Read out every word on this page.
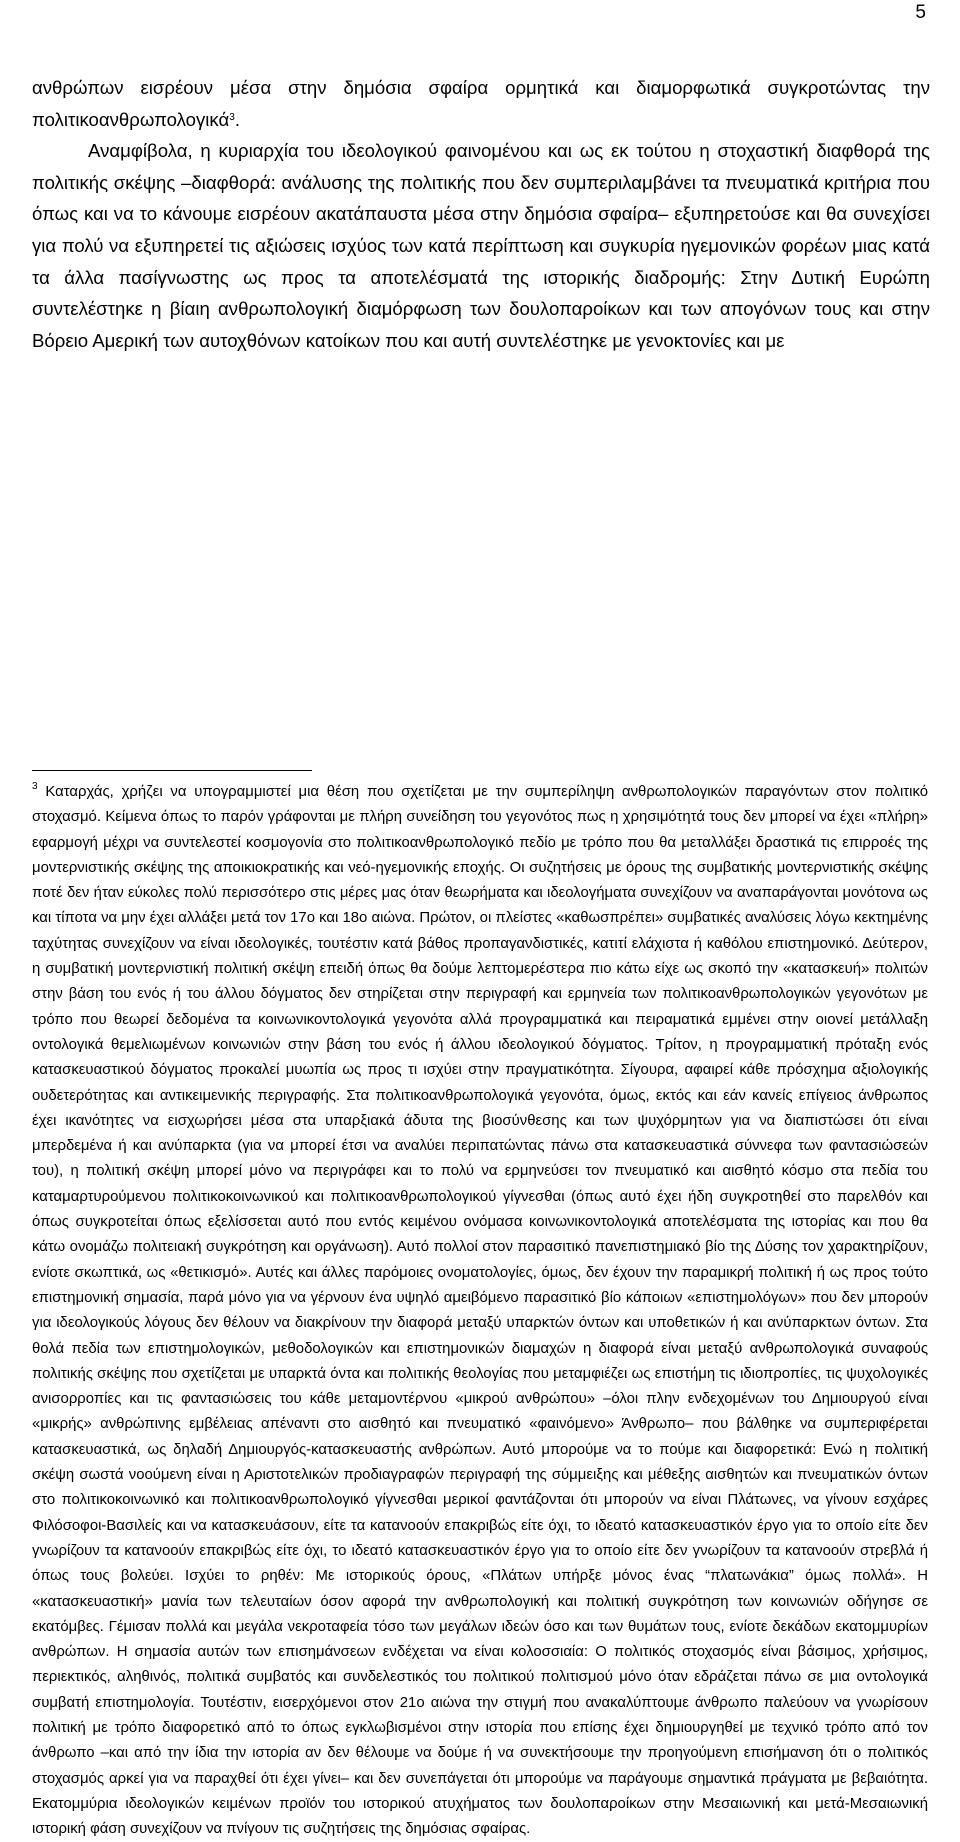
5

ανθρώπων εισρέουν μέσα στην δημόσια σφαίρα ορμητικά και διαμορφωτικά συγκροτώντας την πολιτικοανθρωπολογικά$^3$.

Αναμφίβολα, η κυριαρχία του ιδεολογικού φαινομένου και ως εκ τούτου η στοχαστική διαφθορά της πολιτικής σκέψης –διαφθορά: ανάλυσης της πολιτικής που δεν συμπεριλαμβάνει τα πνευματικά κριτήρια που όπως και να το κάνουμε εισρέουν ακατάπαυστα μέσα στην δημόσια σφαίρα– εξυπηρετούσε και θα συνεχίσει για πολύ να εξυπηρετεί τις αξιώσεις ισχύος των κατά περίπτωση και συγκυρία ηγεμονικών φορέων μιας κατά τα άλλα πασίγνωστης ως προς τα αποτελέσματά της ιστορικής διαδρομής: Στην Δυτική Ευρώπη συντελέστηκε η βίαιη ανθρωπολογική διαμόρφωση των δουλοπαροίκων και των απογόνων τους και στην Βόρειο Αμερική των αυτοχθόνων κατοίκων που και αυτή συντελέστηκε με γενοκτονίες και με

$^3$ Καταρχάς, χρήζει να υπογραμμιστεί μια θέση που σχετίζεται με την συμπερίληψη ανθρωπολογικών παραγόντων στον πολιτικό στοχασμό. Κείμενα όπως το παρόν γράφονται με πλήρη συνείδηση του γεγονότος πως η χρησιμότητά τους δεν μπορεί να έχει «πλήρη» εφαρμογή μέχρι να συντελεστεί κοσμογονία στο πολιτικοανθρωπολογικό πεδίο με τρόπο που θα μεταλλάξει δραστικά τις επιρροές της μοντερνιστικής σκέψης της αποικιοκρατικής και νεό-ηγεμονικής εποχής. Οι συζητήσεις με όρους της συμβατικής μοντερνιστικής σκέψης ποτέ δεν ήταν εύκολες πολύ περισσότερο στις μέρες μας όταν θεωρήματα και ιδεολογήματα συνεχίζουν να αναπαράγονται μονότονα ως και τίποτα να μην έχει αλλάξει μετά τον 17ο και 18ο αιώνα. Πρώτον, οι πλείστες «καθωσπρέπει» συμβατικές αναλύσεις λόγω κεκτημένης ταχύτητας συνεχίζουν να είναι ιδεολογικές, τουτέστιν κατά βάθος προπαγανδιστικές, κατιτί ελάχιστα ή καθόλου επιστημονικό. Δεύτερον, η συμβατική μοντερνιστική πολιτική σκέψη επειδή όπως θα δούμε λεπτομερέστερα πιο κάτω είχε ως σκοπό την «κατασκευή» πολιτών στην βάση του ενός ή του άλλου δόγματος δεν στηρίζεται στην περιγραφή και ερμηνεία των πολιτικοανθρωπολογικών γεγονότων με τρόπο που θεωρεί δεδομένα τα κοινωνικοντολογικά γεγονότα αλλά προγραμματικά και πειραματικά εμμένει στην οιονεί μετάλλαξη οντολογικά θεμελιωμένων κοινωνιών στην βάση του ενός ή άλλου ιδεολογικού δόγματος. Τρίτον, η προγραμματική πρόταξη ενός κατασκευαστικού δόγματος προκαλεί μυωπία ως προς τι ισχύει στην πραγματικότητα. Σίγουρα, αφαιρεί κάθε πρόσχημα αξιολογικής ουδετερότητας και αντικειμενικής περιγραφής. Στα πολιτικοανθρωπολογικά γεγονότα, όμως, εκτός και εάν κανείς επίγειος άνθρωπος έχει ικανότητες να εισχωρήσει μέσα στα υπαρξιακά άδυτα της βιοσύνθεσης και των ψυχόρμητων για να διαπιστώσει ότι είναι μπερδεμένα ή και ανύπαρκτα (για να μπορεί έτσι να αναλύει περιπατώντας πάνω στα κατασκευαστικά σύννεφα των φαντασιώσεών του), η πολιτική σκέψη μπορεί μόνο να περιγράφει και το πολύ να ερμηνεύσει τον πνευματικό και αισθητό κόσμο στα πεδία του καταμαρτυρούμενου πολιτικοκοινωνικού και πολιτικοανθρωπολογικού γίγνεσθαι (όπως αυτό έχει ήδη συγκροτηθεί στο παρελθόν και όπως συγκροτείται όπως εξελίσσεται αυτό που εντός κειμένου ονόμασα κοινωνικοντολογικά αποτελέσματα της ιστορίας και που θα κάτω ονομάζω πολιτειακή συγκρότηση και οργάνωση). Αυτό πολλοί στον παρασιτικό πανεπιστημιακό βίο της Δύσης τον χαρακτηρίζουν, ενίοτε σκωπτικά, ως «θετικισμό». Αυτές και άλλες παρόμοιες ονοματολογίες, όμως, δεν έχουν την παραμικρή πολιτική ή ως προς τούτο επιστημονική σημασία, παρά μόνο για να γέρνουν ένα υψηλό αμειβόμενο παρασιτικό βίο κάποιων «επιστημολόγων» που δεν μπορούν για ιδεολογικούς λόγους δεν θέλουν να διακρίνουν την διαφορά μεταξύ υπαρκτών όντων και υποθετικών ή και ανύπαρκτων όντων. Στα θολά πεδία των επιστημολογικών, μεθοδολογικών και επιστημονικών διαμαχών η διαφορά είναι μεταξύ ανθρωπολογικά συναφούς πολιτικής σκέψης που σχετίζεται με υπαρκτά όντα και πολιτικής θεολογίας που μεταμφιέζει ως επιστήμη τις ιδιοπροπίες, τις ψυχολογικές ανισορροπίες και τις φαντασιώσεις του κάθε μεταμοντέρνου «μικρού ανθρώπου» –όλοι πλην ενδεχομένων του Δημιουργού είναι «μικρής» ανθρώπινης εμβέλειας απέναντι στο αισθητό και πνευματικό «φαινόμενο» Άνθρωπο– που βάλθηκε να συμπεριφέρεται κατασκευαστικά, ως δηλαδή Δημιουργός-κατασκευαστής ανθρώπων. Αυτό μπορούμε να το πούμε και διαφορετικά: Ενώ η πολιτική σκέψη σωστά νοούμενη είναι η Αριστοτελικών προδιαγραφών περιγραφή της σύμμειξης και μέθεξης αισθητών και πνευματικών όντων στο πολιτικοκοινωνικό και πολιτικοανθρωπολογικό γίγνεσθαι μερικοί φαντάζονται ότι μπορούν να είναι Πλάτωνες, να γίνουν εσχάρες Φιλόσοφοι-Βασιλείς και να κατασκευάσουν, είτε τα κατανοούν επακριβώς είτε όχι, το ιδεατό κατασκευαστικόν έργο για το οποίο είτε δεν γνωρίζουν τα κατανοούν επακριβώς είτε όχι, το ιδεατό κατασκευαστικόν έργο για το οποίο είτε δεν γνωρίζουν τα κατανοούν στρεβλά ή όπως τους βολεύει. Ισχύει το ρηθέν: Με ιστορικούς όρους, «Πλάτων υπήρξε μόνος ένας “πλατωνάκια” όμως πολλά». Η «κατασκευαστική» μανία των τελευταίων όσον αφορά την ανθρωπολογική και πολιτική συγκρότηση των κοινωνιών οδήγησε σε εκατόμβες. Γέμισαν πολλά και μεγάλα νεκροταφεία τόσο των μεγάλων ιδεών όσο και των θυμάτων τους, ενίοτε δεκάδων εκατομμυρίων ανθρώπων. Η σημασία αυτών των επισημάνσεων ενδέχεται να είναι κολοσσιαία: Ο πολιτικός στοχασμός είναι βάσιμος, χρήσιμος, περιεκτικός, αληθινός, πολιτικά συμβατός και συνδελεστικός του πολιτικού πολιτισμού μόνο όταν εδράζεται πάνω σε μια οντολογικά συμβατή επιστημολογία. Τουτέστιν, εισερχόμενοι στον 21ο αιώνα την στιγμή που ανακαλύπτουμε άνθρωπο παλεύουν να γνωρίσουν πολιτική με τρόπο διαφορετικό από το όπως εγκλωβισμένοι στην ιστορία που επίσης έχει δημιουργηθεί με τεχνικό τρόπο από τον άνθρωπο –και από την ίδια την ιστορία αν δεν θέλουμε να δούμε ή να συνεκτήσουμε την προηγούμενη επισήμανση ότι ο πολιτικός στοχασμός αρκεί για να παραχθεί ότι έχει γίνει– και δεν συνεπάγεται ότι μπορούμε να παράγουμε σημαντικά πράγματα με βεβαιότητα. Εκατομμύρια ιδεολογικών κειμένων προϊόν του ιστορικού ατυχήματος των δουλοπαροίκων στην Μεσαιωνική και μετά-Μεσαιωνική ιστορική φάση συνεχίζουν να πνίγουν τις συζητήσεις της δημόσιας σφαίρας.
